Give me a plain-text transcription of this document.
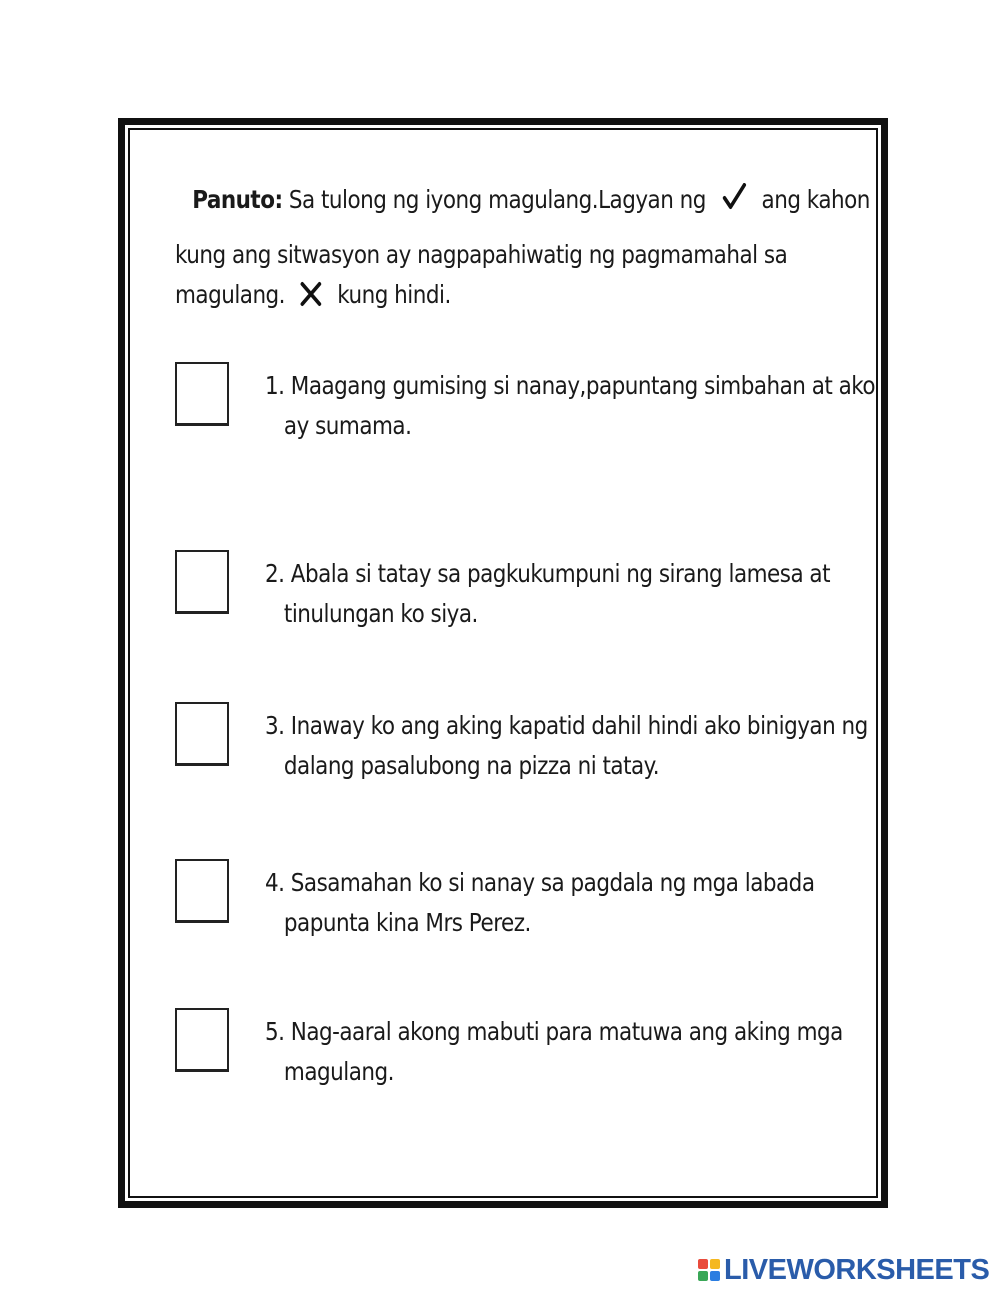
Panuto: Sa tulong ng iyong magulang.Lagyan ng ang kahon
kung ang sitwasyon ay nagpapahiwatig ng pagmamahal sa
magulang. kung hindi.
1. Maagang gumising si nanay,papuntang simbahan at ako
ay sumama.
2. Abala si tatay sa pagkukumpuni ng sirang lamesa at
tinulungan ko siya.
3. Inaway ko ang aking kapatid dahil hindi ako binigyan ng
dalang pasalubong na pizza ni tatay.
4. Sasamahan ko si nanay sa pagdala ng mga labada
papunta kina Mrs Perez.
5. Nag-aaral akong mabuti para matuwa ang aking mga
magulang.
LIVEWORKSHEETS
